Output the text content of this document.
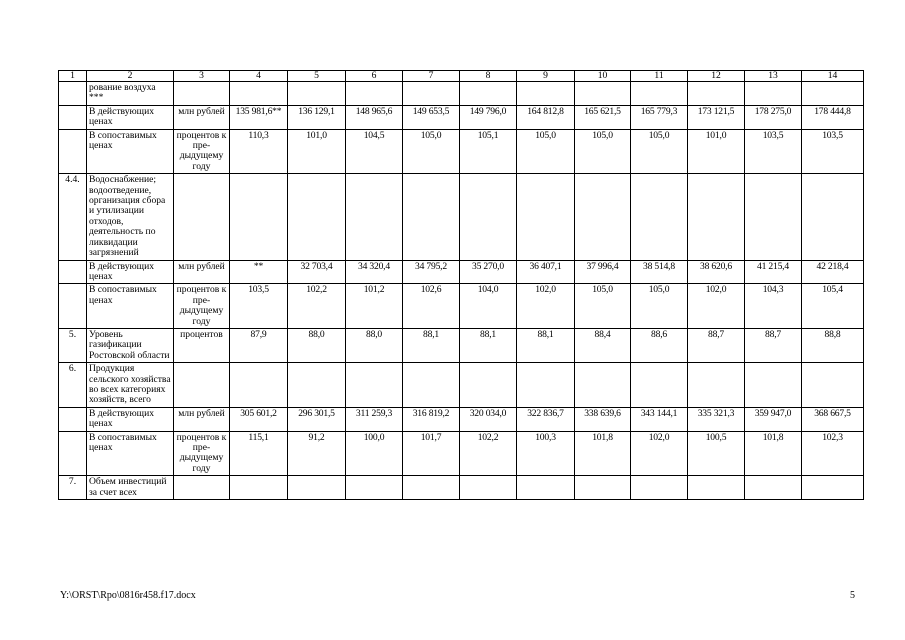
1	2	3	4	5	6	7	8	9	10	11	12	13	14
	рование воздуха ***												
	В действующих ценах	млн рублей	135 981,6**	136 129,1	148 965,6	149 653,5	149 796,0	164 812,8	165 621,5	165 779,3	173 121,5	178 275,0	178 444,8
	В сопоставимых ценах	процентов к пре-дыдущему году	110,3	101,0	104,5	105,0	105,1	105,0	105,0	105,0	101,0	103,5	103,5
4.4.	Водоснабжение; водоотведение, организация сбора и утилизации отходов, деятельность по ликвидации загрязнений												
	В действующих ценах	млн рублей	**	32 703,4	34 320,4	34 795,2	35 270,0	36 407,1	37 996,4	38 514,8	38 620,6	41 215,4	42 218,4
	В сопоставимых ценах	процентов к пре-дыдущему году	103,5	102,2	101,2	102,6	104,0	102,0	105,0	105,0	102,0	104,3	105,4
5.	Уровень газификации Ростовской области	процентов	87,9	88,0	88,0	88,1	88,1	88,1	88,4	88,6	88,7	88,7	88,8
6.	Продукция сельского хозяйства во всех категориях хозяйств, всего												
	В действующих ценах	млн рублей	305 601,2	296 301,5	311 259,3	316 819,2	320 034,0	322 836,7	338 639,6	343 144,1	335 321,3	359 947,0	368 667,5
	В сопоставимых ценах	процентов к пре-дыдущему году	115,1	91,2	100,0	101,7	102,2	100,3	101,8	102,0	100,5	101,8	102,3
7.	Объем инвестиций за счет всех												
Y:\ORST\Rpo\0816r458.f17.docx	5
